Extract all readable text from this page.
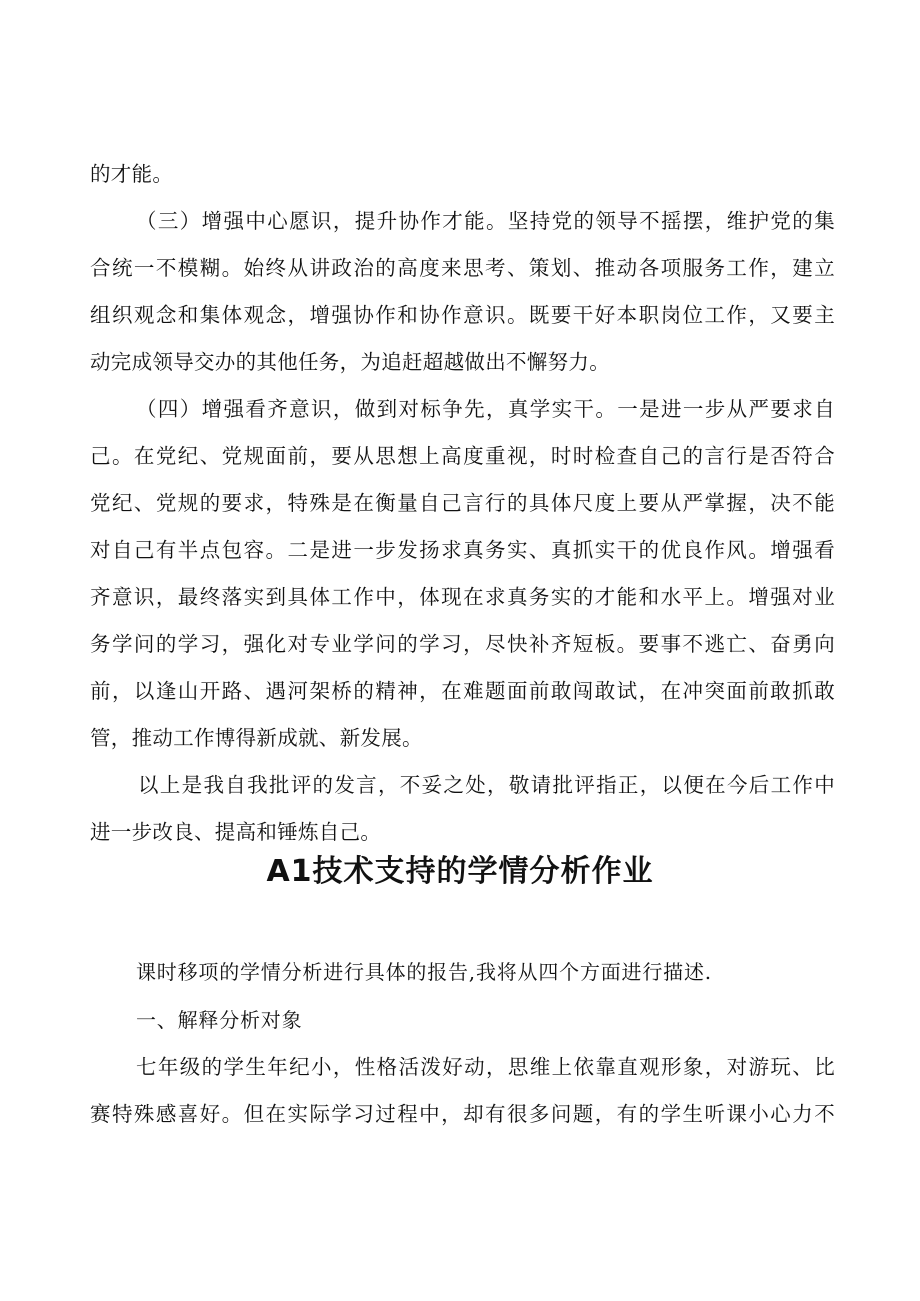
的才能。
（三）增强中心愿识，提升协作才能。坚持党的领导不摇摆，维护党的集
合统一不模糊。始终从讲政治的高度来思考、策划、推动各项服务工作，建立
组织观念和集体观念，增强协作和协作意识。既要干好本职岗位工作，又要主
动完成领导交办的其他任务，为追赶超越做出不懈努力。
（四）增强看齐意识，做到对标争先，真学实干。一是进一步从严要求自
己。在党纪、党规面前，要从思想上高度重视，时时检查自己的言行是否符合
党纪、党规的要求，特殊是在衡量自己言行的具体尺度上要从严掌握，决不能
对自己有半点包容。二是进一步发扬求真务实、真抓实干的优良作风。增强看
齐意识，最终落实到具体工作中，体现在求真务实的才能和水平上。增强对业
务学问的学习，强化对专业学问的学习，尽快补齐短板。要事不逃亡、奋勇向
前，以逢山开路、遇河架桥的精神，在难题面前敢闯敢试，在冲突面前敢抓敢
管，推动工作博得新成就、新发展。
以上是我自我批评的发言，不妥之处，敬请批评指正，以便在今后工作中
进一步改良、提高和锤炼自己。
A1技术支持的学情分析作业
课时移项的学情分析进行具体的报告,我将从四个方面进行描述.
一、解释分析对象
七年级的学生年纪小，性格活泼好动，思维上依靠直观形象，对游玩、比
赛特殊感喜好。但在实际学习过程中，却有很多问题，有的学生听课小心力不
